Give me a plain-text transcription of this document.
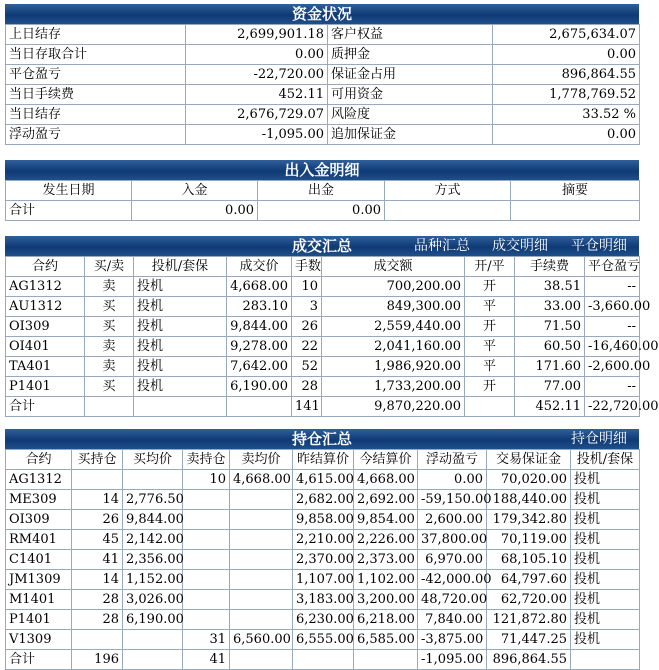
资金状况
上日结存	2,699,901.18	客户权益	2,675,634.07
当日存取合计	0.00	质押金	0.00
平仓盈亏	-22,720.00	保证金占用	896,864.55
当日手续费	452.11	可用资金	1,778,769.52
当日结存	2,676,729.07	风险度	33.52 %
浮动盈亏	-1,095.00	追加保证金	0.00
出入金明细
发生日期	入金	出金	方式	摘要
合计	0.00	0.00		
成交汇总	品种汇总 成交明细 平仓明细
合约	买/卖	投机/套保	成交价	手数	成交额	开/平	手续费	平仓盈亏
AG1312	卖	投机	4,668.00	10	700,200.00	开	38.51	--
AU1312	买	投机	283.10	3	849,300.00	平	33.00	-3,660.00
OI309	买	投机	9,844.00	26	2,559,440.00	开	71.50	--
OI401	卖	投机	9,278.00	22	2,041,160.00	平	60.50	-16,460.00
TA401	卖	投机	7,642.00	52	1,986,920.00	平	171.60	-2,600.00
P1401	买	投机	6,190.00	28	1,733,200.00	开	77.00	--
合计				141	9,870,220.00		452.11	-22,720.00
持仓汇总	持仓明细
合约	买持仓	买均价	卖持仓	卖均价	昨结算价	今结算价	浮动盈亏	交易保证金	投机/套保
AG1312			10	4,668.00	4,615.00	4,668.00	0.00	70,020.00	投机
ME309	14	2,776.50			2,682.00	2,692.00	-59,150.00	188,440.00	投机
OI309	26	9,844.00			9,858.00	9,854.00	2,600.00	179,342.80	投机
RM401	45	2,142.00			2,210.00	2,226.00	37,800.00	70,119.00	投机
C1401	41	2,356.00			2,370.00	2,373.00	6,970.00	68,105.10	投机
JM1309	14	1,152.00			1,107.00	1,102.00	-42,000.00	64,797.60	投机
M1401	28	3,026.00			3,183.00	3,200.00	48,720.00	62,720.00	投机
P1401	28	6,190.00			6,230.00	6,218.00	7,840.00	121,872.80	投机
V1309			31	6,560.00	6,555.00	6,585.00	-3,875.00	71,447.25	投机
合计	196		41				-1,095.00	896,864.55	
